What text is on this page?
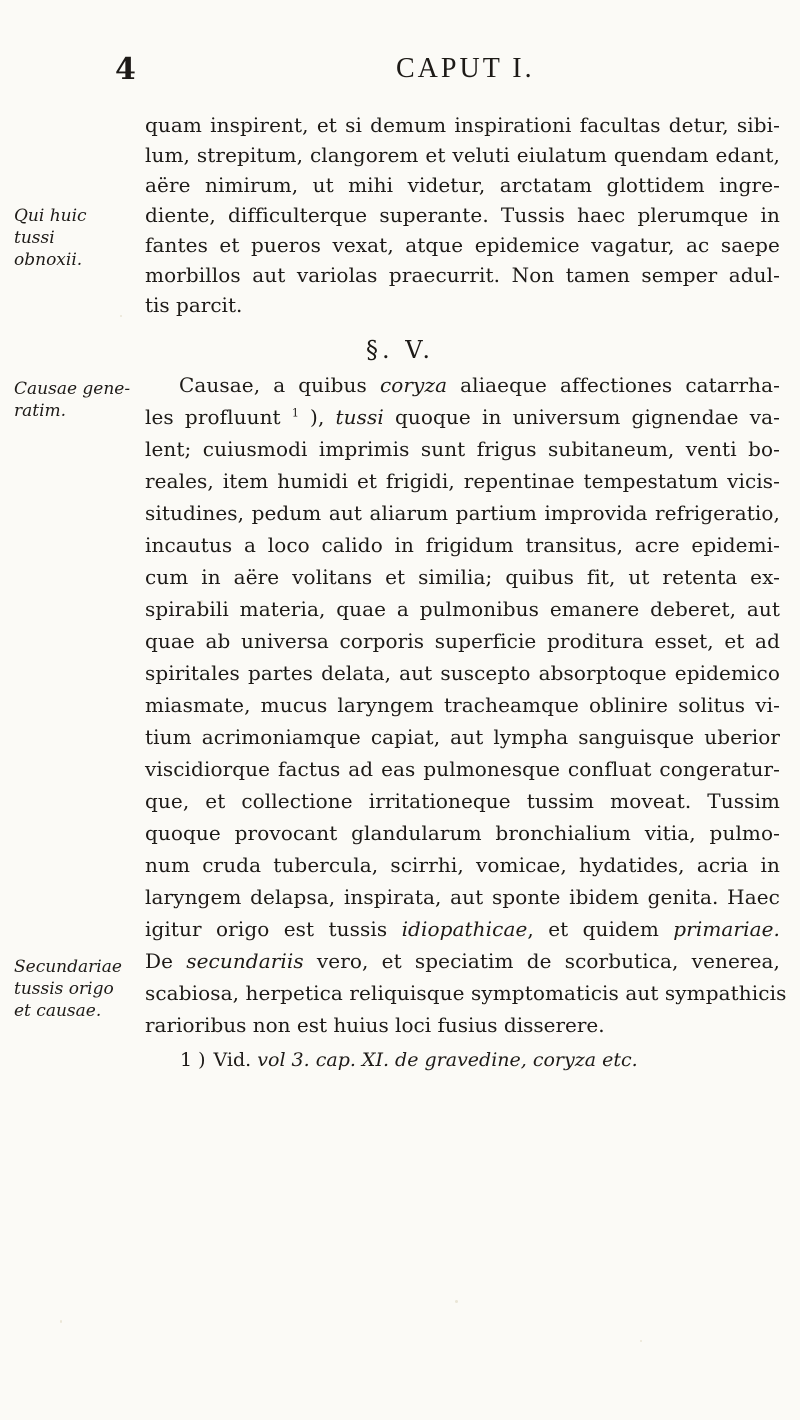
4	CAPUT I.
quam inspirent, et si demum inspirationi facultas detur, sibi-
lum, strepitum, clangorem et veluti eiulatum quendam edant,
aëre nimirum, ut mihi videtur, arctatam glottidem ingre-
diente, difficulterque superante. Tussis haec plerumque in
fantes et pueros vexat, atque epidemice vagatur, ac saepe
morbillos aut variolas praecurrit. Non tamen semper adul-
tis parcit.
Qui huic tussi
obnoxii.
§. V.
Causae gene-
ratim.
Causae, a quibus coryza aliaeque affectiones catarrha-
les profluunt $^1$ ), tussi quoque in universum gignendae va-
lent; cuiusmodi imprimis sunt frigus subitaneum, venti bo-
reales, item humidi et frigidi, repentinae tempestatum vicis-
situdines, pedum aut aliarum partium improvida refrigeratio,
incautus a loco calido in frigidum transitus, acre epidemi-
cum in aëre volitans et similia; quibus fit, ut retenta ex-
spirabili materia, quae a pulmonibus emanere deberet, aut
quae ab universa corporis superficie proditura esset, et ad
spiritales partes delata, aut suscepto absorptoque epidemico
miasmate, mucus laryngem tracheamque oblinire solitus vi-
tium acrimoniamque capiat, aut lympha sanguisque uberior
viscidiorque factus ad eas pulmonesque confluat congeratur-
que, et collectione irritationeque tussim moveat. Tussim
quoque provocant glandularum bronchialium vitia, pulmo-
num cruda tubercula, scirrhi, vomicae, hydatides, acria in
laryngem delapsa, inspirata, aut sponte ibidem genita. Haec
igitur origo est tussis idiopathicae, et quidem primariae.
Secundariae
tussis origo
et causae.
De secundariis vero, et speciatim de scorbutica, venerea,
scabiosa, herpetica reliquisque symptomaticis aut sympathicis
rarioribus non est huius loci fusius disserere.
1 ) Vid. vol 3. cap. XI. de gravedine, coryza etc.
